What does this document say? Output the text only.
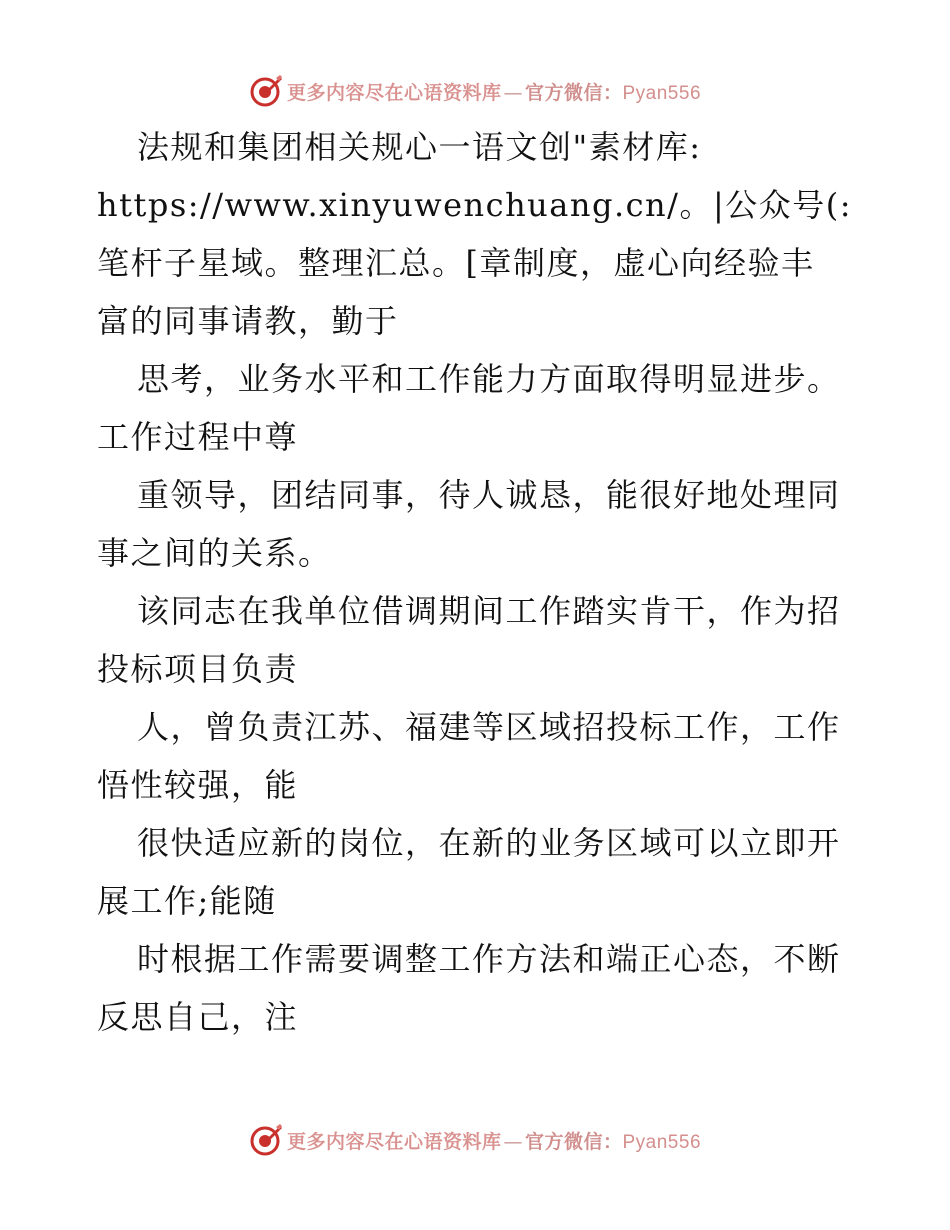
更多内容尽在心语资料库 — 官方微信：Pyan556
法规和集团相关规心一语文创"素材库:
https://www.xinyuwenchuang.cn/。|公众号(:
笔杆子星域。整理汇总。[章制度，虚心向经验丰
富的同事请教，勤于
思考，业务水平和工作能力方面取得明显进步。
工作过程中尊
重领导，团结同事，待人诚恳，能很好地处理同
事之间的关系。
该同志在我单位借调期间工作踏实肯干，作为招
投标项目负责
人，曾负责江苏、福建等区域招投标工作，工作
悟性较强，能
很快适应新的岗位，在新的业务区域可以立即开
展工作;能随
时根据工作需要调整工作方法和端正心态，不断
反思自己，注
更多内容尽在心语资料库 — 官方微信：Pyan556
